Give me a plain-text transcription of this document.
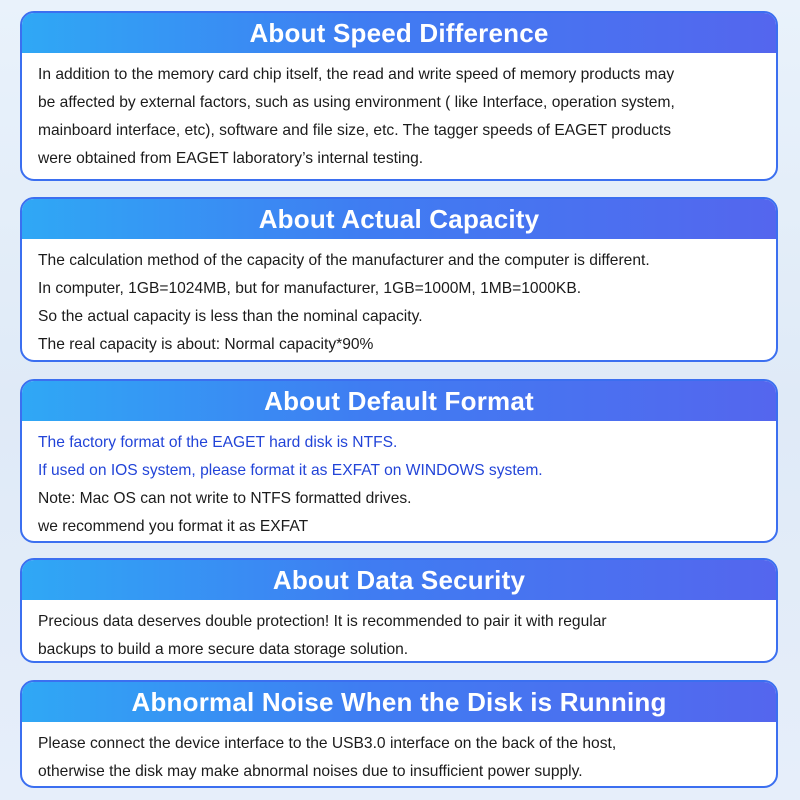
About Speed Difference
In addition to the memory card chip itself, the read and write speed of memory products may
be affected by external factors, such as using environment ( like Interface, operation system,
mainboard interface, etc), software and file size, etc. The tagger speeds of EAGET products
were obtained from EAGET laboratory’s internal testing.
About Actual Capacity
The calculation method of the capacity of the manufacturer and the computer is different.
In computer, 1GB=1024MB, but for manufacturer, 1GB=1000M, 1MB=1000KB.
So the actual capacity is less than the nominal capacity.
The real capacity is about: Normal capacity*90%
About Default Format
The factory format of the EAGET hard disk is NTFS.
If used on IOS system, please format it as EXFAT on WINDOWS system.
Note: Mac OS can not write to NTFS formatted drives.
we recommend you format it as EXFAT
About Data Security
Precious data deserves double protection! It is recommended to pair it with regular
backups to build a more secure data storage solution.
Abnormal Noise When the Disk is Running
Please connect the device interface to the USB3.0 interface on the back of the host,
otherwise the disk may make abnormal noises due to insufficient power supply.
